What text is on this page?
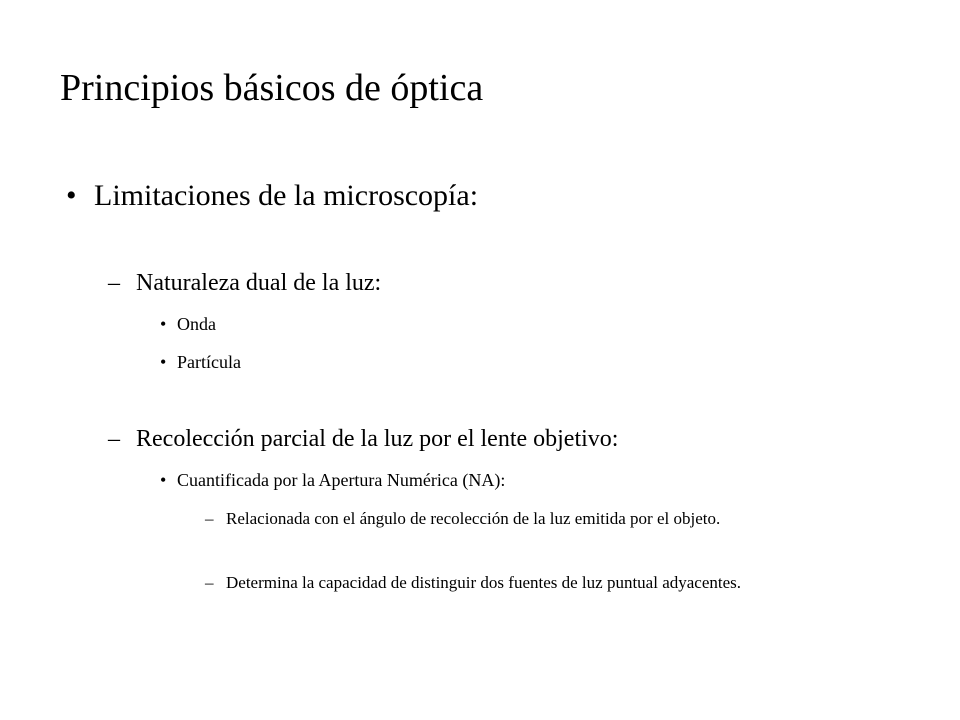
Principios básicos de óptica
• Limitaciones de la microscopía:
– Naturaleza dual de la luz:
• Onda
• Partícula
– Recolección parcial de la luz por el lente objetivo:
• Cuantificada por la Apertura Numérica (NA):
– Relacionada con el ángulo de recolección de la luz emitida por el objeto.
– Determina la capacidad de distinguir dos fuentes de luz puntual adyacentes.
